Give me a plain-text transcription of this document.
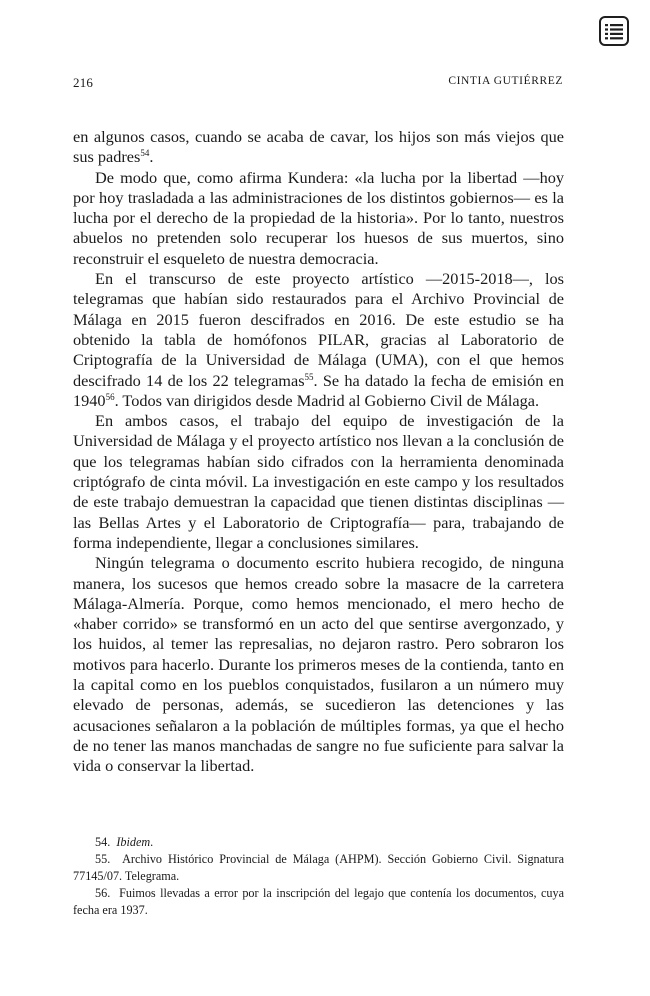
216	CINTIA GUTIÉRREZ

en algunos casos, cuando se acaba de cavar, los hijos son más viejos que sus padres$^{54}$.

De modo que, como afirma Kundera: «la lucha por la libertad —hoy por hoy trasladada a las administraciones de los distintos gobiernos— es la lucha por el derecho de la propiedad de la historia». Por lo tanto, nuestros abuelos no pretenden solo recuperar los huesos de sus muertos, sino reconstruir el esqueleto de nuestra democracia.

En el transcurso de este proyecto artístico —2015-2018—, los telegramas que habían sido restaurados para el Archivo Provincial de Málaga en 2015 fueron descifrados en 2016. De este estudio se ha obtenido la tabla de homófonos PILAR, gracias al Laboratorio de Criptografía de la Universidad de Málaga (UMA), con el que hemos descifrado 14 de los 22 telegramas$^{55}$. Se ha datado la fecha de emisión en 1940$^{56}$. Todos van dirigidos desde Madrid al Gobierno Civil de Málaga.

En ambos casos, el trabajo del equipo de investigación de la Universidad de Málaga y el proyecto artístico nos llevan a la conclusión de que los telegramas habían sido cifrados con la herramienta denominada criptógrafo de cinta móvil. La investigación en este campo y los resultados de este trabajo demuestran la capacidad que tienen distintas disciplinas —las Bellas Artes y el Laboratorio de Criptografía— para, trabajando de forma independiente, llegar a conclusiones similares.

Ningún telegrama o documento escrito hubiera recogido, de ninguna manera, los sucesos que hemos creado sobre la masacre de la carretera Málaga-Almería. Porque, como hemos mencionado, el mero hecho de «haber corrido» se transformó en un acto del que sentirse avergonzado, y los huidos, al temer las represalias, no dejaron rastro. Pero sobraron los motivos para hacerlo. Durante los primeros meses de la contienda, tanto en la capital como en los pueblos conquistados, fusilaron a un número muy elevado de personas, además, se sucedieron las detenciones y las acusaciones señalaron a la población de múltiples formas, ya que el hecho de no tener las manos manchadas de sangre no fue suficiente para salvar la vida o conservar la libertad.

54. Ibidem.

55. Archivo Histórico Provincial de Málaga (AHPM). Sección Gobierno Civil. Signatura 77145/07. Telegrama.

56. Fuimos llevadas a error por la inscripción del legajo que contenía los documentos, cuya fecha era 1937.
